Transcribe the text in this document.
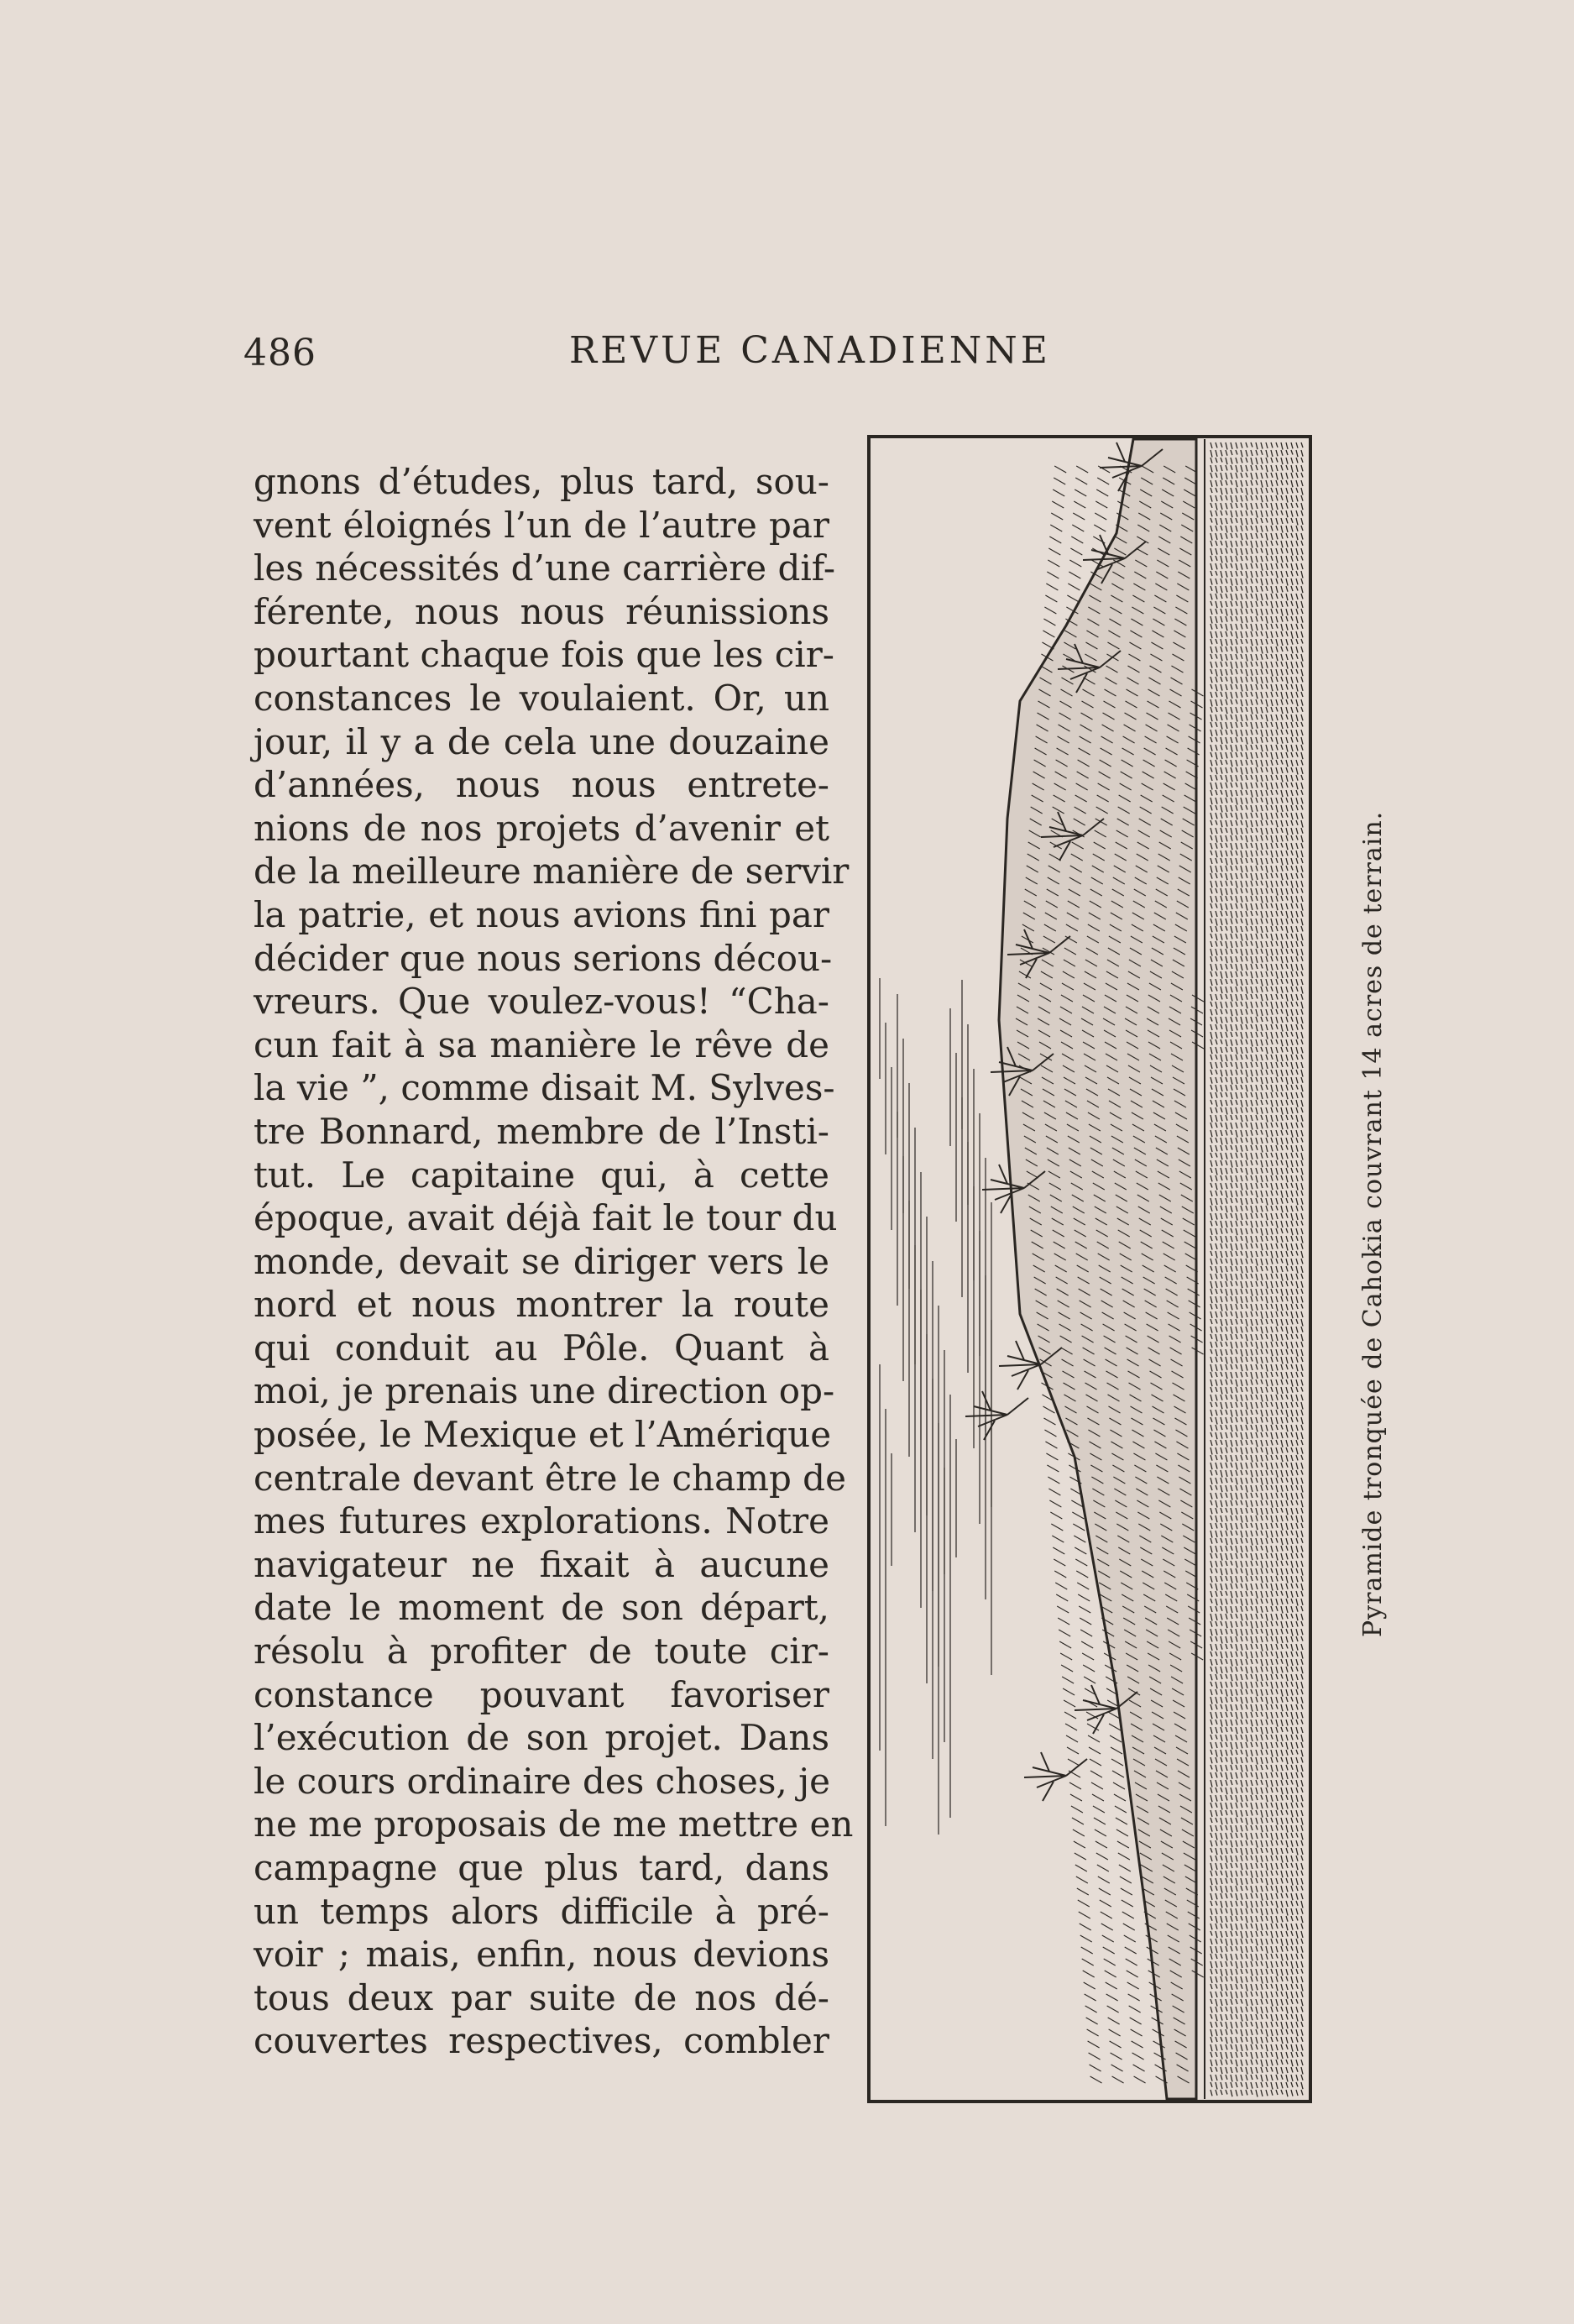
486	REVUE CANADIENNE
gnons d’études, plus tard, sou-
vent éloignés l’un de l’autre par
les nécessités d’une carrière dif-
férente, nous nous réunissions
pourtant chaque fois que les cir-
constances le voulaient. Or, un
jour, il y a de cela une douzaine
d’années, nous nous entrete-
nions de nos projets d’avenir et
de la meilleure manière de servir
la patrie, et nous avions fini par
décider que nous serions décou-
vreurs. Que voulez-vous! “Cha-
cun fait à sa manière le rêve de
la vie ”, comme disait M. Sylves-
tre Bonnard, membre de l’Insti-
tut. Le capitaine qui, à cette
époque, avait déjà fait le tour du
monde, devait se diriger vers le
nord et nous montrer la route
qui conduit au Pôle. Quant à
moi, je prenais une direction op-
posée, le Mexique et l’Amérique
centrale devant être le champ de
mes futures explorations. Notre
navigateur ne fixait à aucune
date le moment de son départ,
résolu à profiter de toute cir-
constance pouvant favoriser
l’exécution de son projet. Dans
le cours ordinaire des choses, je
ne me proposais de me mettre en
campagne que plus tard, dans
un temps alors difficile à pré-
voir ; mais, enfin, nous devions
tous deux par suite de nos dé-
couvertes respectives, combler
Pyramide tronquée de Cahokia couvrant 14 acres de terrain.
